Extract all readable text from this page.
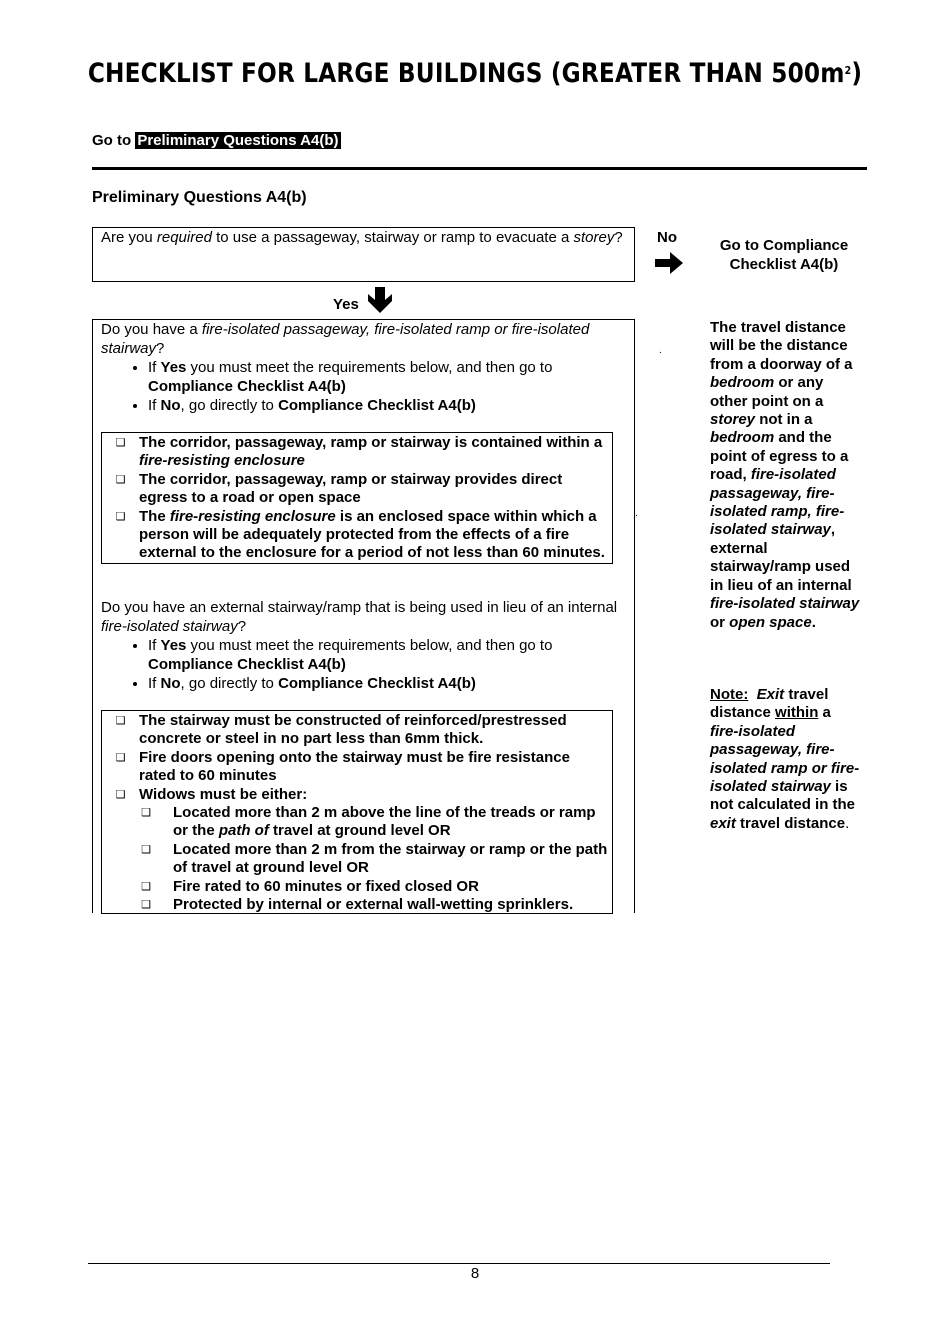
CHECKLIST FOR LARGE BUILDINGS (GREATER THAN $500m^2$)
Go to Preliminary Questions A4(b)
Preliminary Questions A4(b)
Are you required to use a passageway, stairway or ramp to evacuate a storey?	No	Go to Compliance Checklist A4(b)
Yes
Do you have a fire-isolated passageway, fire-isolated ramp or fire-isolated stairway?
• If Yes you must meet the requirements below, and then go to Compliance Checklist A4(b)
• If No, go directly to Compliance Checklist A4(b)
❑ The corridor, passageway, ramp or stairway is contained within a fire-resisting enclosure
❑ The corridor, passageway, ramp or stairway provides direct egress to a road or open space
❑ The fire-resisting enclosure is an enclosed space within which a person will be adequately protected from the effects of a fire external to the enclosure for a period of not less than 60 minutes.
Do you have an external stairway/ramp that is being used in lieu of an internal fire-isolated stairway?
• If Yes you must meet the requirements below, and then go to Compliance Checklist A4(b)
• If No, go directly to Compliance Checklist A4(b)
❑ The stairway must be constructed of reinforced/prestressed concrete or steel in no part less than 6mm thick.
❑ Fire doors opening onto the stairway must be fire resistance rated to 60 minutes
❑ Widows must be either:
❑	Located more than 2 m above the line of the treads or ramp or the path of travel at ground level OR
❑	Located more than 2 m from the stairway or ramp or the path of travel at ground level OR
❑	Fire rated to 60 minutes or fixed closed OR
❑	Protected by internal or external wall-wetting sprinklers.
The travel distance will be the distance from a doorway of a bedroom or any other point on a storey not in a bedroom and the point of egress to a road, fire-isolated passageway, fire-isolated ramp, fire-isolated stairway, external stairway/ramp used in lieu of an internal fire-isolated stairway or open space.
Note: Exit travel distance within a fire-isolated passageway, fire-isolated ramp or fire-isolated stairway is not calculated in the exit travel distance.
.
.
8
